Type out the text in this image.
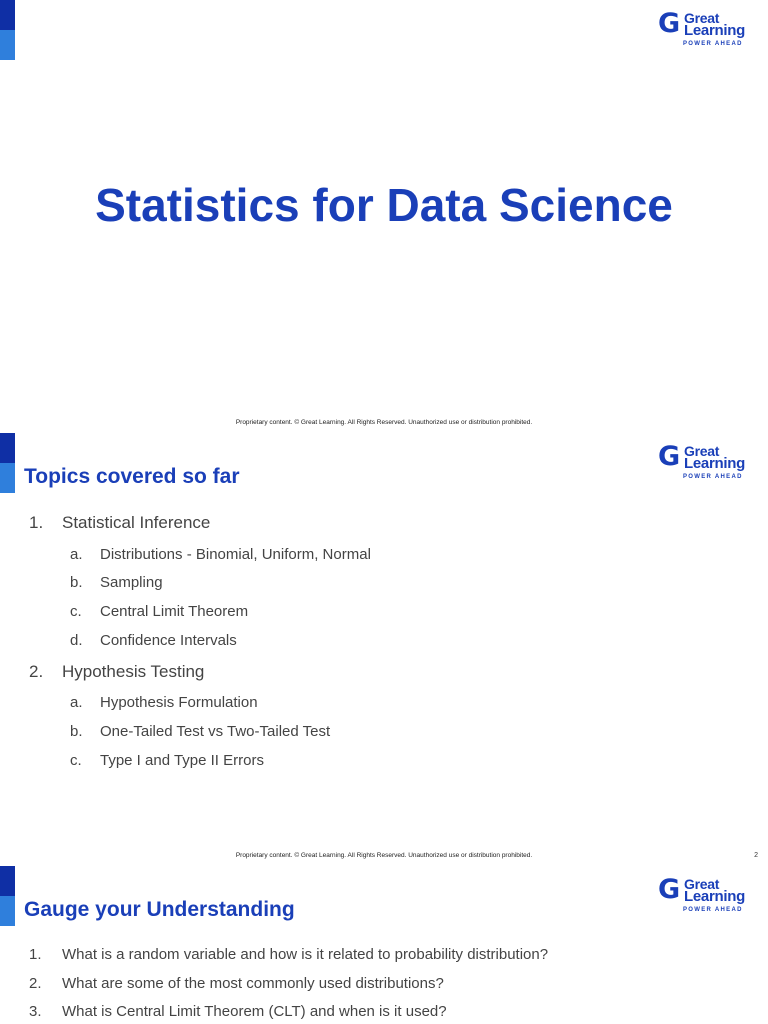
G Great
Learning
POWER AHEAD
Statistics for Data Science
Proprietary content. © Great Learning. All Rights Reserved. Unauthorized use or distribution prohibited.
G Great
Learning
POWER AHEAD
Topics covered so far
1. Statistical Inference
a. Distributions - Binomial, Uniform, Normal
b. Sampling
c. Central Limit Theorem
d. Confidence Intervals
2. Hypothesis Testing
a. Hypothesis Formulation
b. One-Tailed Test vs Two-Tailed Test
c. Type I and Type II Errors
Proprietary content. © Great Learning. All Rights Reserved. Unauthorized use or distribution prohibited.	2
G Great
Learning
POWER AHEAD
Gauge your Understanding
1. What is a random variable and how is it related to probability distribution?
2. What are some of the most commonly used distributions?
3. What is Central Limit Theorem (CLT) and when is it used?
